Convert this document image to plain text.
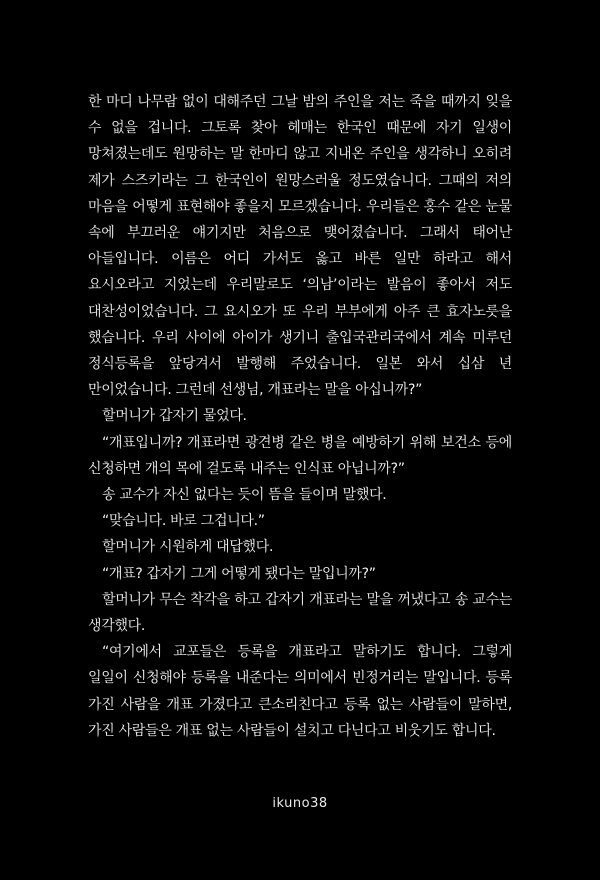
한 마디 나무람 없이 대해주던 그날 밤의 주인을 저는 죽을 때까지 잊을 수 없을 겁니다. 그토록 찾아 헤매는 한국인 때문에 자기 일생이 망쳐졌는데도 원망하는 말 한마디 않고 지내온 주인을 생각하니 오히려 제가 스즈키라는 그 한국인이 원망스러울 정도였습니다. 그때의 저의 마음을 어떻게 표현해야 좋을지 모르겠습니다. 우리들은 홍수 같은 눈물 속에 부끄러운 얘기지만 처음으로 맺어졌습니다. 그래서 태어난 아들입니다. 이름은 어디 가서도 옳고 바른 일만 하라고 해서 요시오라고 지었는데 우리말로도 ‘의남’이라는 발음이 좋아서 저도 대찬성이었습니다. 그 요시오가 또 우리 부부에게 아주 큰 효자노릇을 했습니다. 우리 사이에 아이가 생기니 출입국관리국에서 계속 미루던 정식등록을 앞당겨서 발행해 주었습니다. 일본 와서 십삼 년 만이었습니다. 그런데 선생님, 개표라는 말을 아십니까?”

할머니가 갑자기 물었다.

“개표입니까? 개표라면 광견병 같은 병을 예방하기 위해 보건소 등에 신청하면 개의 목에 걸도록 내주는 인식표 아닙니까?”

송 교수가 자신 없다는 듯이 뜸을 들이며 말했다.

“맞습니다. 바로 그겁니다.”

할머니가 시원하게 대답했다.

“개표? 갑자기 그게 어떻게 됐다는 말입니까?”

할머니가 무슨 착각을 하고 갑자기 개표라는 말을 꺼냈다고 송 교수는 생각했다.

“여기에서 교포들은 등록을 개표라고 말하기도 합니다. 그렇게 일일이 신청해야 등록을 내준다는 의미에서 빈정거리는 말입니다. 등록 가진 사람을 개표 가졌다고 큰소리친다고 등록 없는 사람들이 말하면, 가진 사람들은 개표 없는 사람들이 설치고 다닌다고 비웃기도 합니다.

ikuno38
